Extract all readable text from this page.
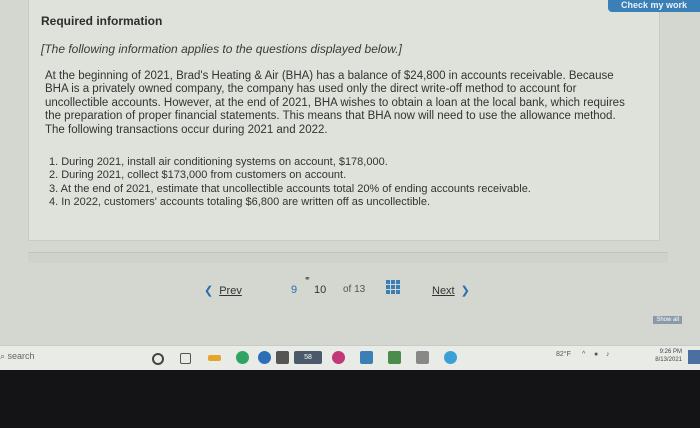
Required information
[The following information applies to the questions displayed below.]
At the beginning of 2021, Brad's Heating & Air (BHA) has a balance of $24,800 in accounts receivable. Because BHA is a privately owned company, the company has used only the direct write-off method to account for uncollectible accounts. However, at the end of 2021, BHA wishes to obtain a loan at the local bank, which requires the preparation of proper financial statements. This means that BHA now will need to use the allowance method. The following transactions occur during 2021 and 2022.
1. During 2021, install air conditioning systems on account, $178,000.
2. During 2021, collect $173,000 from customers on account.
3. At the end of 2021, estimate that uncollectible accounts total 20% of ending accounts receivable.
4. In 2022, customers' accounts totaling $6,800 are written off as uncollectible.
Check my work
❮ Prev
⚭
9 10 of 13	Next ❯
Show all
⌕ search	58	82°F ^ ● ♪	9:26 PM
8/13/2021
